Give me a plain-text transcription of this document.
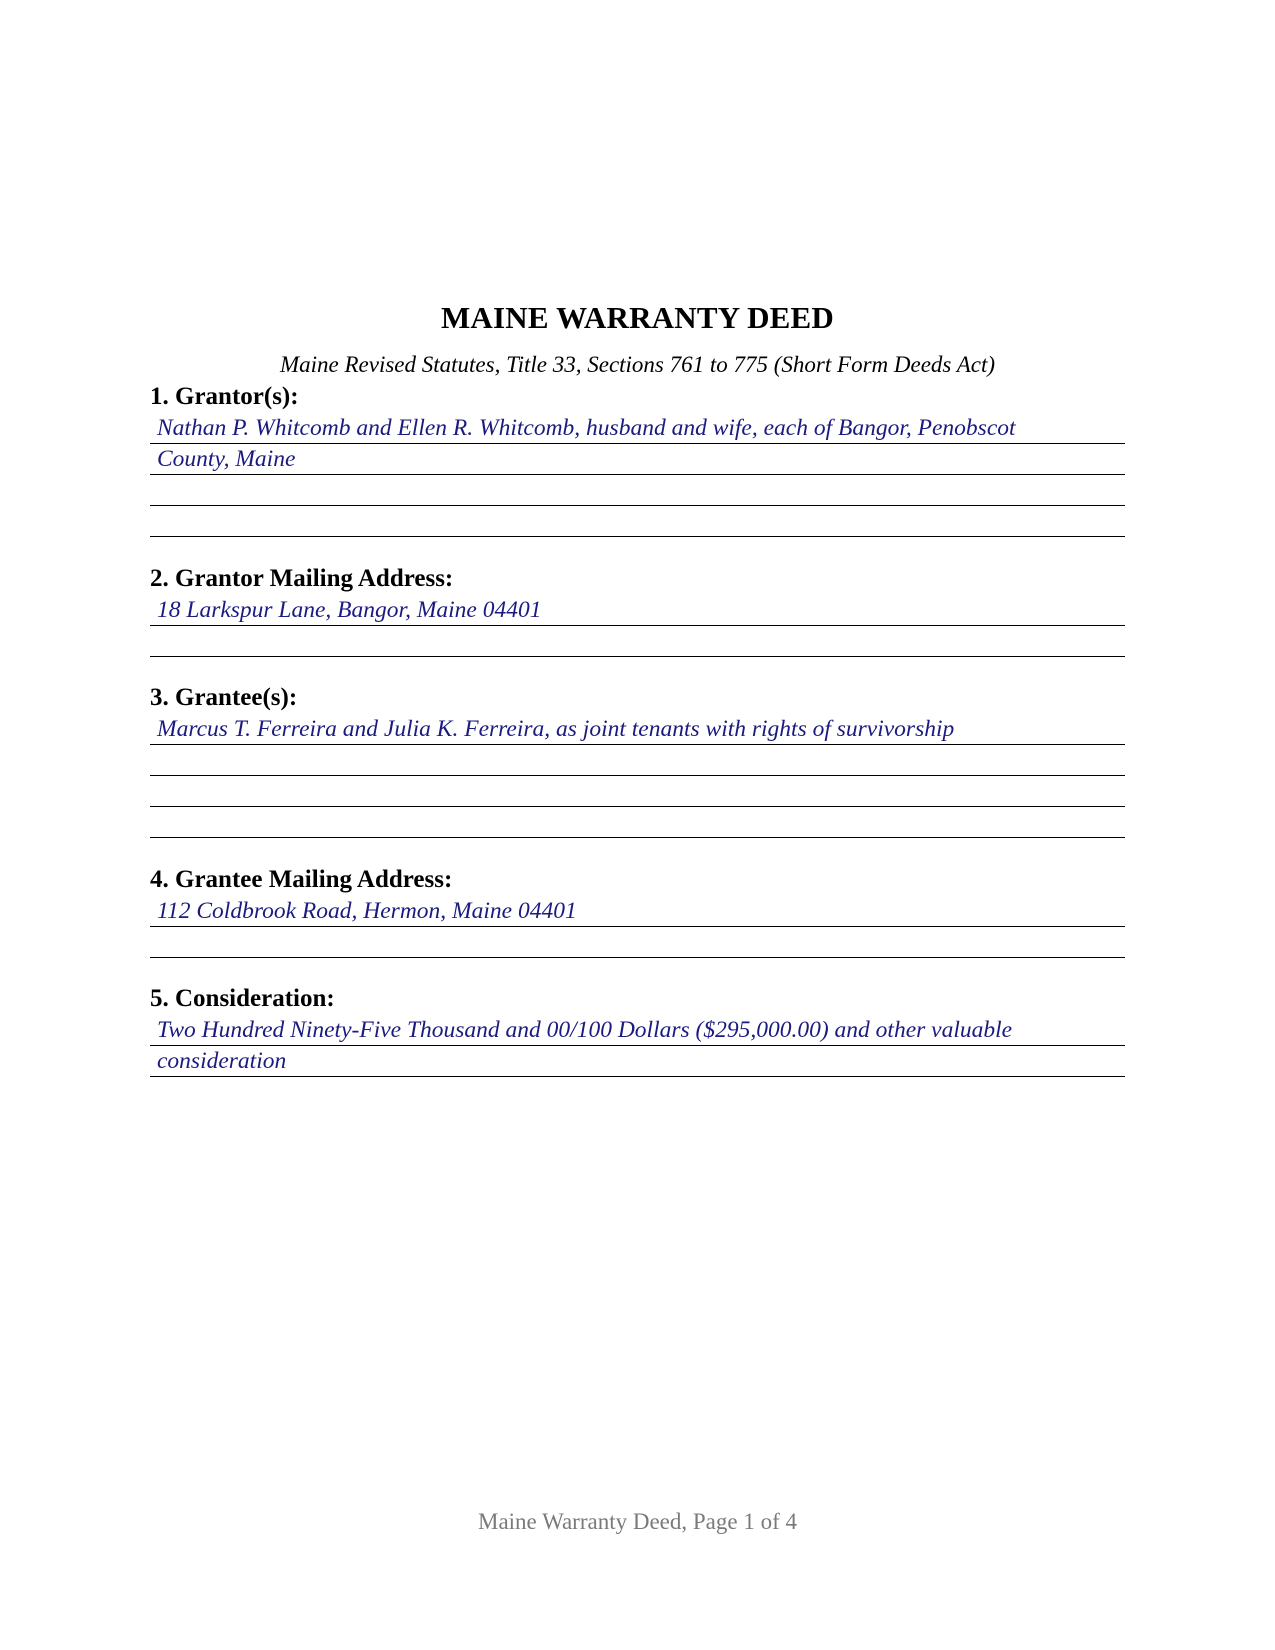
MAINE WARRANTY DEED
Maine Revised Statutes, Title 33, Sections 761 to 775 (Short Form Deeds Act)
1. Grantor(s):
Nathan P. Whitcomb and Ellen R. Whitcomb, husband and wife, each of Bangor, Penobscot
County, Maine
2. Grantor Mailing Address:
18 Larkspur Lane, Bangor, Maine 04401
3. Grantee(s):
Marcus T. Ferreira and Julia K. Ferreira, as joint tenants with rights of survivorship
4. Grantee Mailing Address:
112 Coldbrook Road, Hermon, Maine 04401
5. Consideration:
Two Hundred Ninety-Five Thousand and 00/100 Dollars ($295,000.00) and other valuable
consideration
Maine Warranty Deed, Page 1 of 4
